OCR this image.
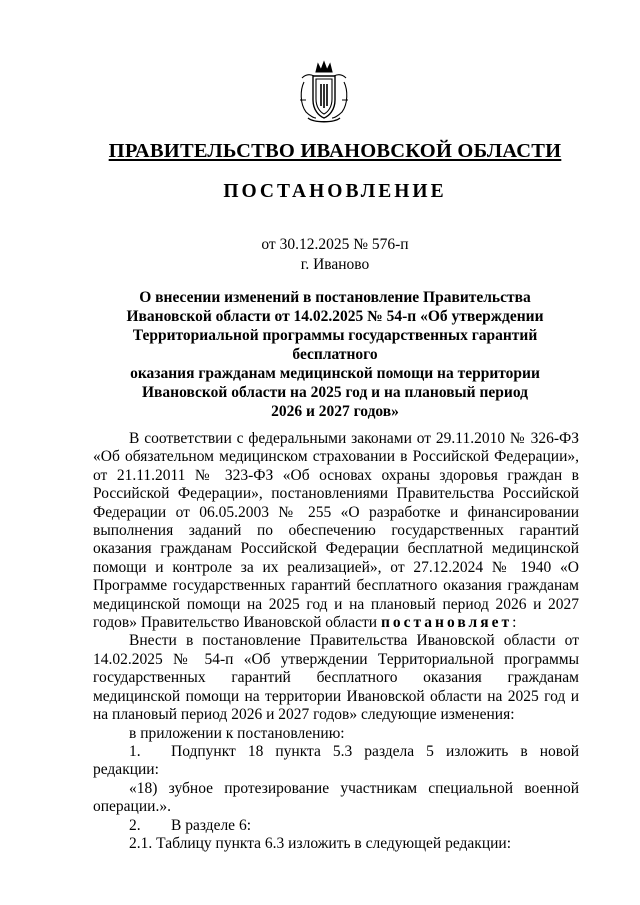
ПРАВИТЕЛЬСТВО ИВАНОВСКОЙ ОБЛАСТИ
ПОСТАНОВЛЕНИЕ
от 30.12.2025 № 576-п
г. Иваново
О внесении изменений в постановление Правительства
Ивановской области от 14.02.2025 № 54-п «Об утверждении
Территориальной программы государственных гарантий бесплатного
оказания гражданам медицинской помощи на территории
Ивановской области на 2025 год и на плановый период
2026 и 2027 годов»

В соответствии с федеральными законами от 29.11.2010 № 326-ФЗ «Об обязательном медицинском страховании в Российской Федерации», от 21.11.2011 № 323-ФЗ «Об основах охраны здоровья граждан в Российской Федерации», постановлениями Правительства Российской Федерации от 06.05.2003 № 255 «О разработке и финансировании выполнения заданий по обеспечению государственных гарантий оказания гражданам Российской Федерации бесплатной медицинской помощи и контроле за их реализацией», от 27.12.2024 № 1940 «О Программе государственных гарантий бесплатного оказания гражданам медицинской помощи на 2025 год и на плановый период 2026 и 2027 годов» Правительство Ивановской области постановляет:

Внести в постановление Правительства Ивановской области от 14.02.2025 № 54-п «Об утверждении Территориальной программы государственных гарантий бесплатного оказания гражданам медицинской помощи на территории Ивановской области на 2025 год и на плановый период 2026 и 2027 годов» следующие изменения:

в приложении к постановлению:

1. Подпункт 18 пункта 5.3 раздела 5 изложить в новой редакции:

«18) зубное протезирование участникам специальной военной операции.».

2. В разделе 6:

2.1. Таблицу пункта 6.3 изложить в следующей редакции:
